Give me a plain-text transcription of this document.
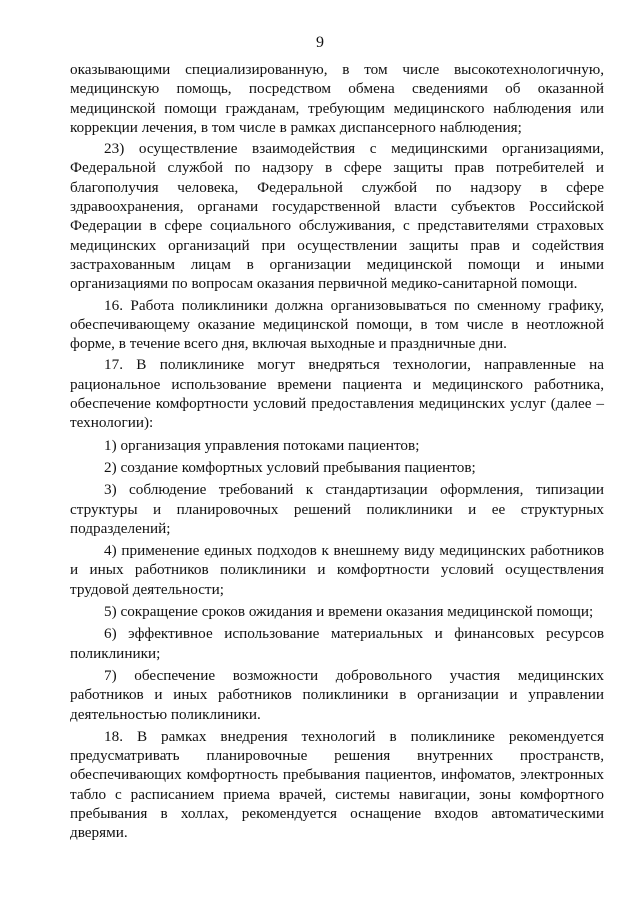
9

оказывающими специализированную, в том числе высокотехнологичную, медицинскую помощь, посредством обмена сведениями об оказанной медицинской помощи гражданам, требующим медицинского наблюдения или коррекции лечения, в том числе в рамках диспансерного наблюдения;

23) осуществление взаимодействия с медицинскими организациями, Федеральной службой по надзору в сфере защиты прав потребителей и благополучия человека, Федеральной службой по надзору в сфере здравоохранения, органами государственной власти субъектов Российской Федерации в сфере социального обслуживания, с представителями страховых медицинских организаций при осуществлении защиты прав и содействия застрахованным лицам в организации медицинской помощи и иными организациями по вопросам оказания первичной медико-санитарной помощи.

16. Работа поликлиники должна организовываться по сменному графику, обеспечивающему оказание медицинской помощи, в том числе в неотложной форме, в течение всего дня, включая выходные и праздничные дни.

17. В поликлинике могут внедряться технологии, направленные на рациональное использование времени пациента и медицинского работника, обеспечение комфортности условий предоставления медицинских услуг (далее – технологии):

1) организация управления потоками пациентов;

2) создание комфортных условий пребывания пациентов;

3) соблюдение требований к стандартизации оформления, типизации структуры и планировочных решений поликлиники и ее структурных подразделений;

4) применение единых подходов к внешнему виду медицинских работников и иных работников поликлиники и комфортности условий осуществления трудовой деятельности;

5) сокращение сроков ожидания и времени оказания медицинской помощи;

6) эффективное использование материальных и финансовых ресурсов поликлиники;

7) обеспечение возможности добровольного участия медицинских работников и иных работников поликлиники в организации и управлении деятельностью поликлиники.

18. В рамках внедрения технологий в поликлинике рекомендуется предусматривать планировочные решения внутренних пространств, обеспечивающих комфортность пребывания пациентов, инфоматов, электронных табло с расписанием приема врачей, системы навигации, зоны комфортного пребывания в холлах, рекомендуется оснащение входов автоматическими дверями.
